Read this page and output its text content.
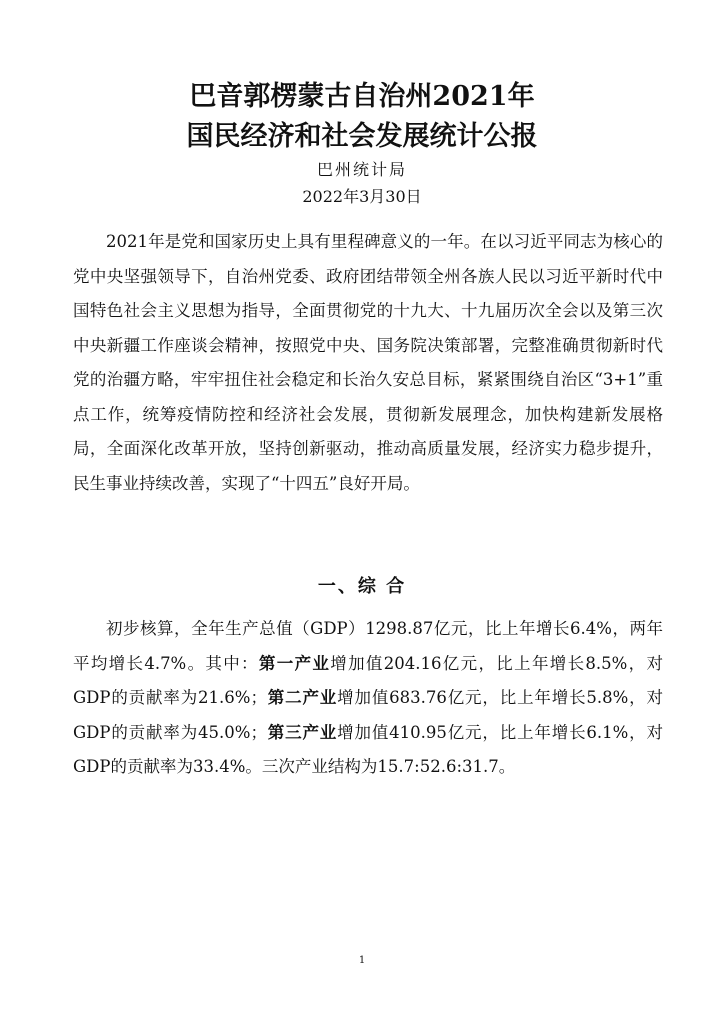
巴音郭楞蒙古自治州2021年
国民经济和社会发展统计公报
巴州统计局
2022年3月30日

2021年是党和国家历史上具有里程碑意义的一年。在以习近平同志为核心的党中央坚强领导下，自治州党委、政府团结带领全州各族人民以习近平新时代中国特色社会主义思想为指导，全面贯彻党的十九大、十九届历次全会以及第三次中央新疆工作座谈会精神，按照党中央、国务院决策部署，完整准确贯彻新时代党的治疆方略，牢牢扭住社会稳定和长治久安总目标，紧紧围绕自治区“3+1”重点工作，统筹疫情防控和经济社会发展，贯彻新发展理念，加快构建新发展格局，全面深化改革开放，坚持创新驱动，推动高质量发展，经济实力稳步提升，民生事业持续改善，实现了“十四五”良好开局。

一、综 合

初步核算，全年生产总值（GDP）1298.87亿元，比上年增长6.4%，两年平均增长4.7%。其中：第一产业增加值204.16亿元，比上年增长8.5%，对GDP的贡献率为21.6%；第二产业增加值683.76亿元，比上年增长5.8%，对GDP的贡献率为45.0%；第三产业增加值410.95亿元，比上年增长6.1%，对GDP的贡献率为33.4%。三次产业结构为15.7:52.6:31.7。

1
